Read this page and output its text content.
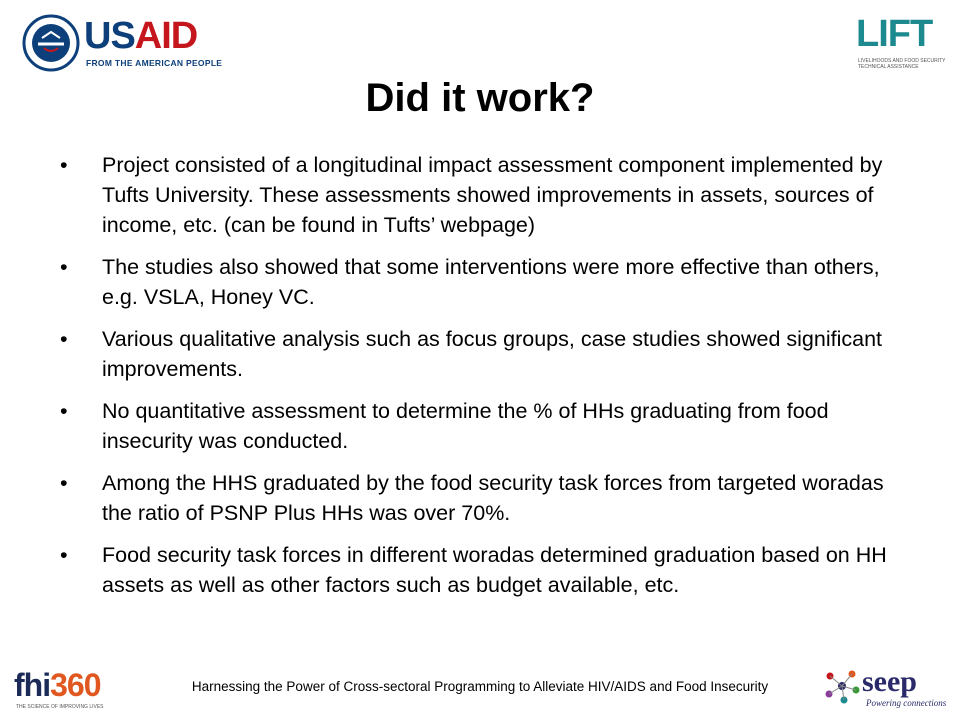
USAID
FROM THE AMERICAN PEOPLE
LIFT
LIVELIHOODS AND FOOD SECURITY TECHNICAL ASSISTANCE
Did it work?
• Project consisted of a longitudinal impact assessment component implemented by Tufts University. These assessments showed improvements in assets, sources of income, etc. (can be found in Tufts’ webpage)
• The studies also showed that some interventions were more effective than others, e.g. VSLA, Honey VC.
• Various qualitative analysis such as focus groups, case studies showed significant improvements.
• No quantitative assessment to determine the % of HHs graduating from food insecurity was conducted.
• Among the HHS graduated by the food security task forces from targeted woradas the ratio of PSNP Plus HHs was over 70%.
• Food security task forces in different woradas determined graduation based on HH assets as well as other factors such as budget available, etc.
fhi360
THE SCIENCE OF IMPROVING LIVES
Harnessing the Power of Cross-sectoral Programming to Alleviate HIV/AIDS and Food Insecurity	seep
Powering connections
